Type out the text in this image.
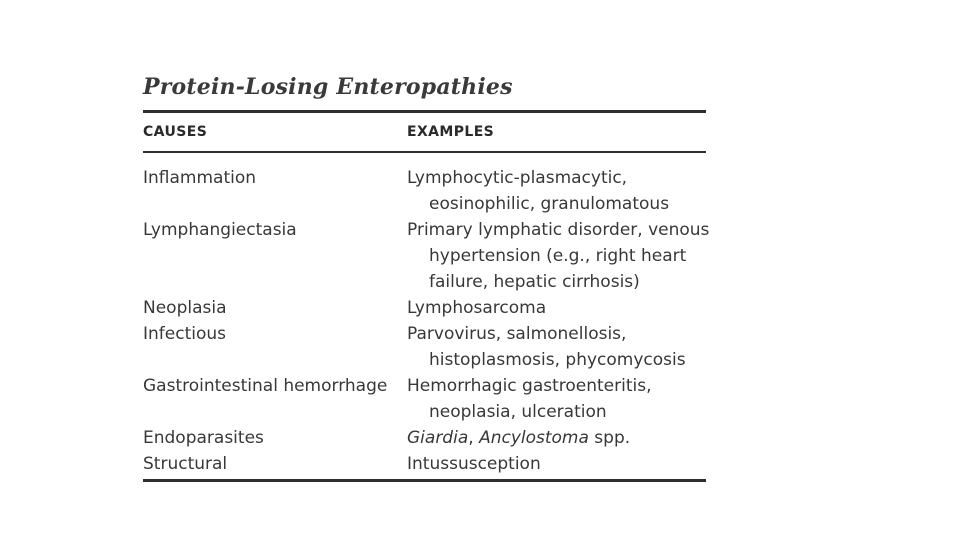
Protein-Losing Enteropathies
CAUSES	EXAMPLES
Inflammation	Lymphocytic-plasmacytic,
eosinophilic, granulomatous
Lymphangiectasia	Primary lymphatic disorder, venous
hypertension (e.g., right heart
failure, hepatic cirrhosis)
Neoplasia	Lymphosarcoma
Infectious	Parvovirus, salmonellosis,
histoplasmosis, phycomycosis
Gastrointestinal hemorrhage	Hemorrhagic gastroenteritis,
neoplasia, ulceration
Endoparasites	Giardia, Ancylostoma spp.
Structural	Intussusception
